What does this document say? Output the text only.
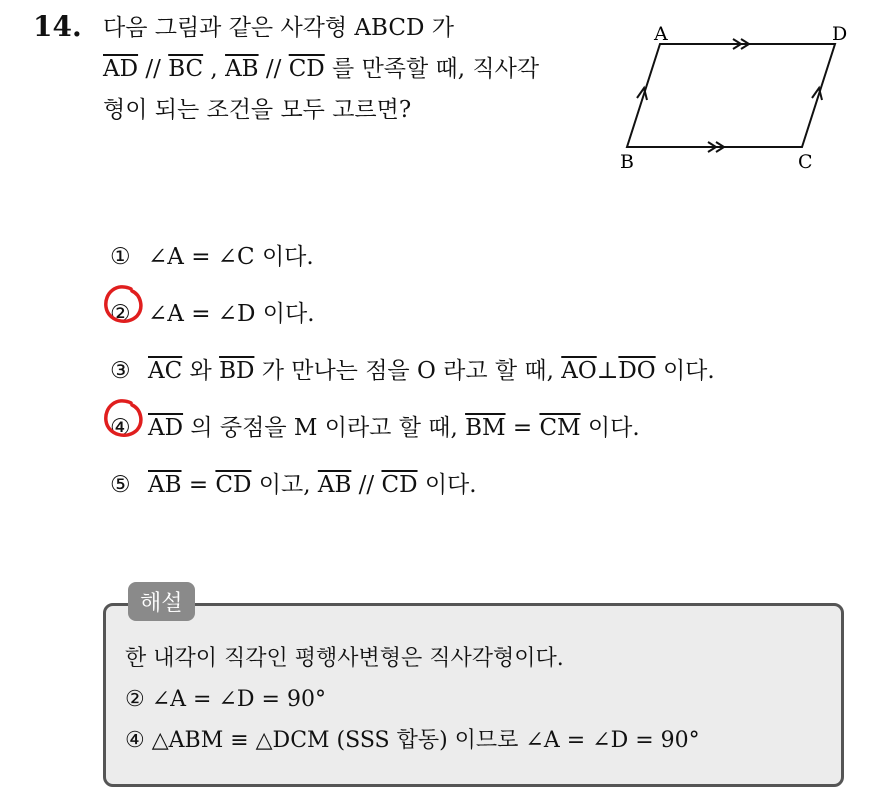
14. 다음 그림과 같은 사각형 ABCD 가
$\overline{AD} // \overline{BC}$ , $\overline{AB} // \overline{CD}$ 를 만족할 때, 직사각
형이 되는 조건을 모두 고르면?
A	D
B	C
① ∠A = ∠C 이다.
② ∠A = ∠D 이다.
③ $\overline{AC}$ 와 $\overline{BD}$ 가 만나는 점을 O 라고 할 때, $\overline{AO}\perp\overline{DO}$ 이다.
④ $\overline{AD}$ 의 중점을 M 이라고 할 때, $\overline{BM} = \overline{CM}$ 이다.
⑤ $\overline{AB} = \overline{CD}$ 이고, $\overline{AB} // \overline{CD}$ 이다.
해설
한 내각이 직각인 평행사변형은 직사각형이다.
② ∠A = ∠D = 90°
④ △ABM ≡ △DCM (SSS 합동) 이므로 ∠A = ∠D = 90°
